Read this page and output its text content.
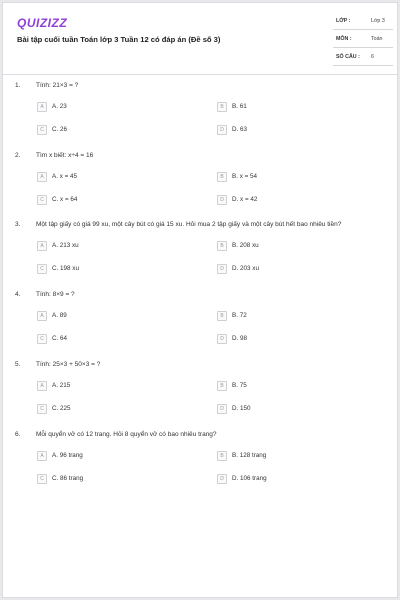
QUIZIZZ
Bài tập cuối tuần Toán lớp 3 Tuần 12 có đáp án (Đề số 3)
LỚP :	Lớp 3
MÔN :	Toán
SỐ CÂU : 6
1. Tính: 21×3 = ?
A	A. 23	B	B. 61
C	C. 26	D	D. 63
2. Tìm x biết: x÷4 = 16
A	A. x = 45	B	B. x = 54
C	C. x = 64	D	D. x = 42
3. Một tập giấy có giá 99 xu, một cây bút có giá 15 xu. Hỏi mua 2 tập giấy và một cây bút hết bao nhiêu tiền?
A	A. 213 xu	B	B. 208 xu
C	C. 198 xu	D	D. 203 xu
4. Tính: 8×9 = ?
A	A. 89	B	B. 72
C	C. 64	D	D. 98
5. Tính: 25×3 + 50×3 = ?
A	A. 215	B	B. 75
C	C. 225	D	D. 150
6. Mỗi quyển vở có 12 trang. Hỏi 8 quyển vở có bao nhiêu trang?
A	A. 96 trang	B	B. 128 trang
C	C. 86 trang	D	D. 106 trang
